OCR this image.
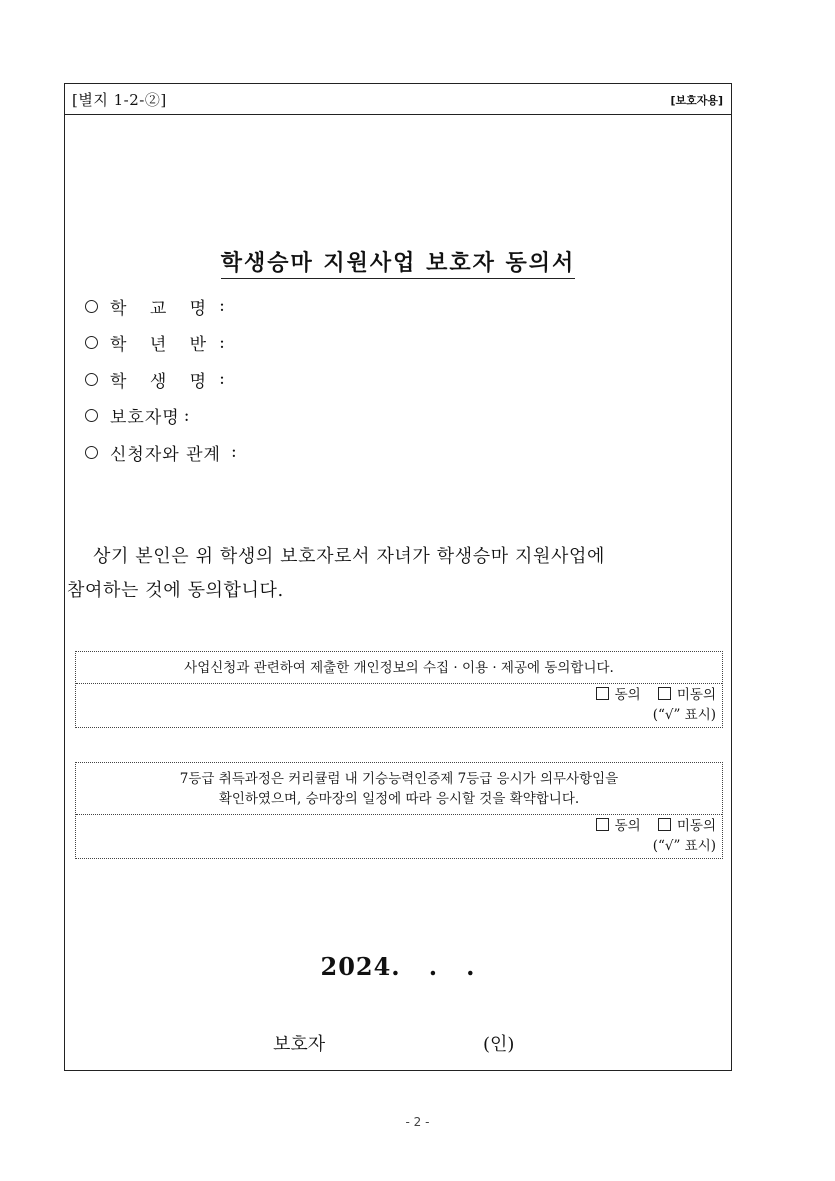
[별지 1-2-②]	[보호자용]
학생승마 지원사업 보호자 동의서
학 교 명 :
학 년 반 :
학 생 명 :
보호자명 :
신청자와 관계 :
상기 본인은 위 학생의 보호자로서 자녀가 학생승마 지원사업에
참여하는 것에 동의합니다.
사업신청과 관련하여 제출한 개인정보의 수집 · 이용 · 제공에 동의합니다.
동의	미동의
(“√” 표시)
7등급 취득과정은 커리큘럼 내 기승능력인증제 7등급 응시가 의무사항임을
확인하였으며, 승마장의 일정에 따라 응시할 것을 확약합니다.
동의	미동의
(“√” 표시)
2024.   .   .
보호자	(인)
- 2 -
